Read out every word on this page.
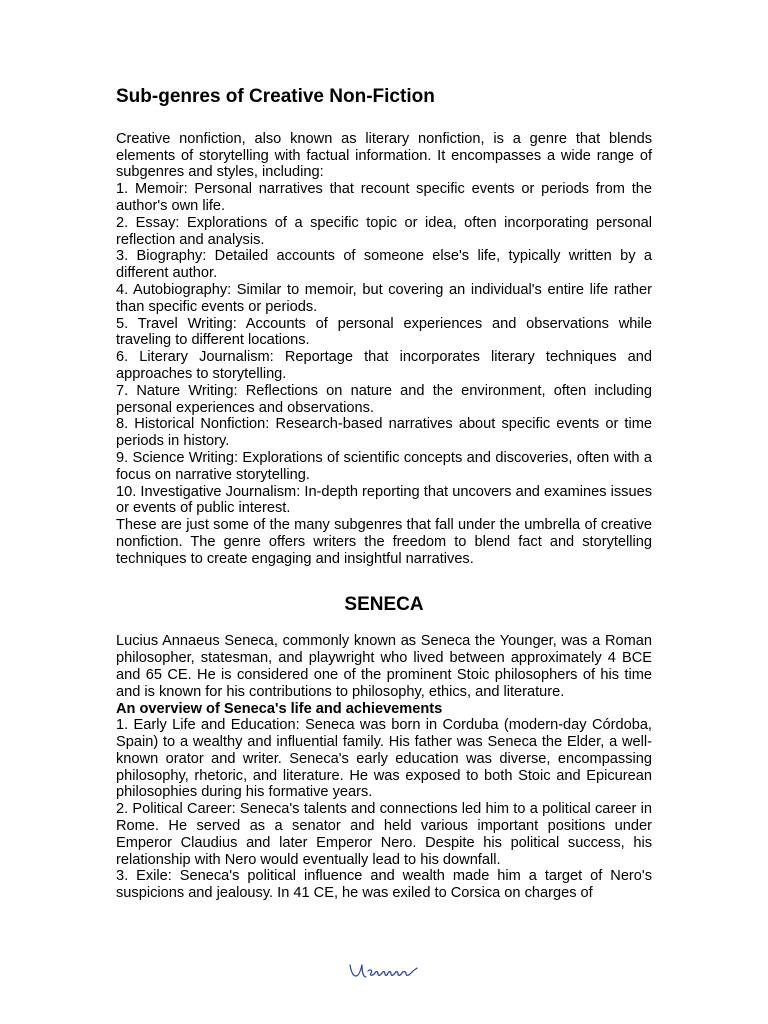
Sub-genres of Creative Non-Fiction

Creative nonfiction, also known as literary nonfiction, is a genre that blends elements of storytelling with factual information. It encompasses a wide range of subgenres and styles, including:

1. Memoir: Personal narratives that recount specific events or periods from the author's own life.

2. Essay: Explorations of a specific topic or idea, often incorporating personal reflection and analysis.

3. Biography: Detailed accounts of someone else's life, typically written by a different author.

4. Autobiography: Similar to memoir, but covering an individual's entire life rather than specific events or periods.

5. Travel Writing: Accounts of personal experiences and observations while traveling to different locations.

6. Literary Journalism: Reportage that incorporates literary techniques and approaches to storytelling.

7. Nature Writing: Reflections on nature and the environment, often including personal experiences and observations.

8. Historical Nonfiction: Research-based narratives about specific events or time periods in history.

9. Science Writing: Explorations of scientific concepts and discoveries, often with a focus on narrative storytelling.

10. Investigative Journalism: In-depth reporting that uncovers and examines issues or events of public interest.

These are just some of the many subgenres that fall under the umbrella of creative nonfiction. The genre offers writers the freedom to blend fact and storytelling techniques to create engaging and insightful narratives.

SENECA

Lucius Annaeus Seneca, commonly known as Seneca the Younger, was a Roman philosopher, statesman, and playwright who lived between approximately 4 BCE and 65 CE. He is considered one of the prominent Stoic philosophers of his time and is known for his contributions to philosophy, ethics, and literature.

An overview of Seneca's life and achievements

1. Early Life and Education: Seneca was born in Corduba (modern-day Córdoba, Spain) to a wealthy and influential family. His father was Seneca the Elder, a well-known orator and writer. Seneca's early education was diverse, encompassing philosophy, rhetoric, and literature. He was exposed to both Stoic and Epicurean philosophies during his formative years.

2. Political Career: Seneca's talents and connections led him to a political career in Rome. He served as a senator and held various important positions under Emperor Claudius and later Emperor Nero. Despite his political success, his relationship with Nero would eventually lead to his downfall.

3. Exile: Seneca's political influence and wealth made him a target of Nero's suspicions and jealousy. In 41 CE, he was exiled to Corsica on charges of
